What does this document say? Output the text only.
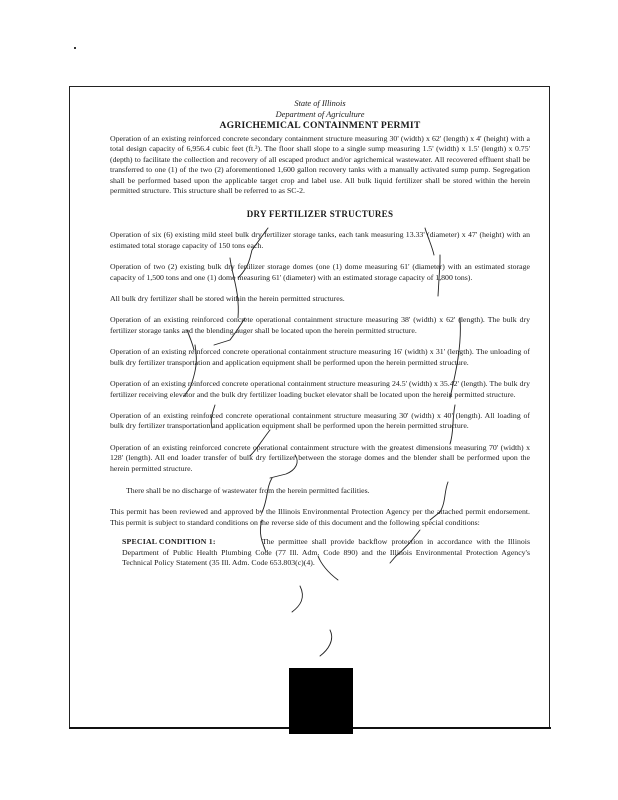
State of Illinois
Department of Agriculture
AGRICHEMICAL CONTAINMENT PERMIT

Operation of an existing reinforced concrete secondary containment structure measuring 30' (width) x 62' (length) x 4' (height) with a total design capacity of 6,956.4 cubic feet (ft.³). The floor shall slope to a single sump measuring 1.5' (width) x 1.5' (length) x 0.75' (depth) to facilitate the collection and recovery of all escaped product and/or agrichemical wastewater. All recovered effluent shall be transferred to one (1) of the two (2) aforementioned 1,600 gallon recovery tanks with a manually activated sump pump. Segregation shall be performed based upon the applicable target crop and label use. All bulk liquid fertilizer shall be stored within the herein permitted structure. This structure shall be referred to as SC-2.

DRY FERTILIZER STRUCTURES

Operation of six (6) existing mild steel bulk dry fertilizer storage tanks, each tank measuring 13.33' (diameter) x 47' (height) with an estimated total storage capacity of 150 tons each.

Operation of two (2) existing bulk dry fertilizer storage domes (one (1) dome measuring 61' (diameter) with an estimated storage capacity of 1,500 tons and one (1) dome measuring 61' (diameter) with an estimated storage capacity of 1,800 tons).

All bulk dry fertilizer shall be stored within the herein permitted structures.

Operation of an existing reinforced concrete operational containment structure measuring 38' (width) x 62' (length). The bulk dry fertilizer storage tanks and the blending auger shall be located upon the herein permitted structure.

Operation of an existing reinforced concrete operational containment structure measuring 16' (width) x 31' (length). The unloading of bulk dry fertilizer transportation and application equipment shall be performed upon the herein permitted structure.

Operation of an existing reinforced concrete operational containment structure measuring 24.5' (width) x 35.42' (length). The bulk dry fertilizer receiving elevator and the bulk dry fertilizer loading bucket elevator shall be located upon the herein permitted structure.

Operation of an existing reinforced concrete operational containment structure measuring 30' (width) x 40' (length). All loading of bulk dry fertilizer transportation and application equipment shall be performed upon the herein permitted structure.

Operation of an existing reinforced concrete operational containment structure with the greatest dimensions measuring 70' (width) x 128' (length). All end loader transfer of bulk dry fertilizer between the storage domes and the blender shall be performed upon the herein permitted structure.

There shall be no discharge of wastewater from the herein permitted facilities.

This permit has been reviewed and approved by the Illinois Environmental Protection Agency per the attached permit endorsement. This permit is subject to standard conditions on the reverse side of this document and the following special conditions:

SPECIAL CONDITION 1:	The permittee shall provide backflow protection in accordance with the Illinois Department of Public Health Plumbing Code (77 Ill. Adm. Code 890) and the Illinois Environmental Protection Agency's Technical Policy Statement (35 Ill. Adm. Code 653.803(c)(4).
